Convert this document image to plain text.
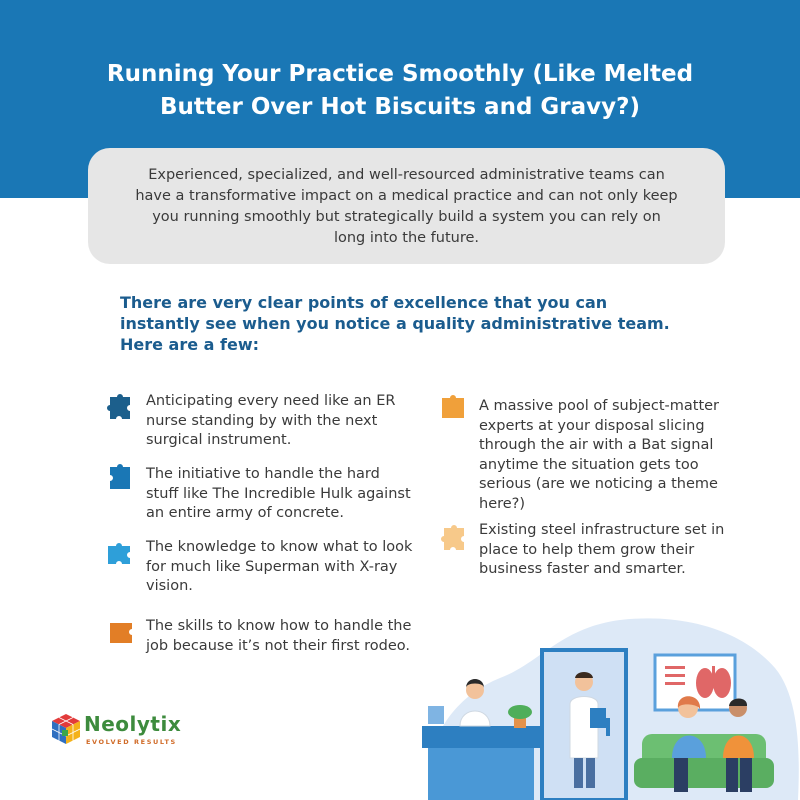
Running Your Practice Smoothly (Like Melted
Butter Over Hot Biscuits and Gravy?)
Experienced, specialized, and well-resourced administrative teams can
have a transformative impact on a medical practice and can not only keep
you running smoothly but strategically build a system you can rely on
long into the future.
There are very clear points of excellence that you can
instantly see when you notice a quality administrative team.
Here are a few:
Anticipating every need like an ER
nurse standing by with the next
surgical instrument.
The initiative to handle the hard
stuff like The Incredible Hulk against
an entire army of concrete.
The knowledge to know what to look
for much like Superman with X-ray
vision.
The skills to know how to handle the
job because it’s not their first rodeo.
A massive pool of subject-matter
experts at your disposal slicing
through the air with a Bat signal
anytime the situation gets too
serious (are we noticing a theme
here?)
Existing steel infrastructure set in
place to help them grow their
business faster and smarter.
Neolytix
EVOLVED RESULTS
